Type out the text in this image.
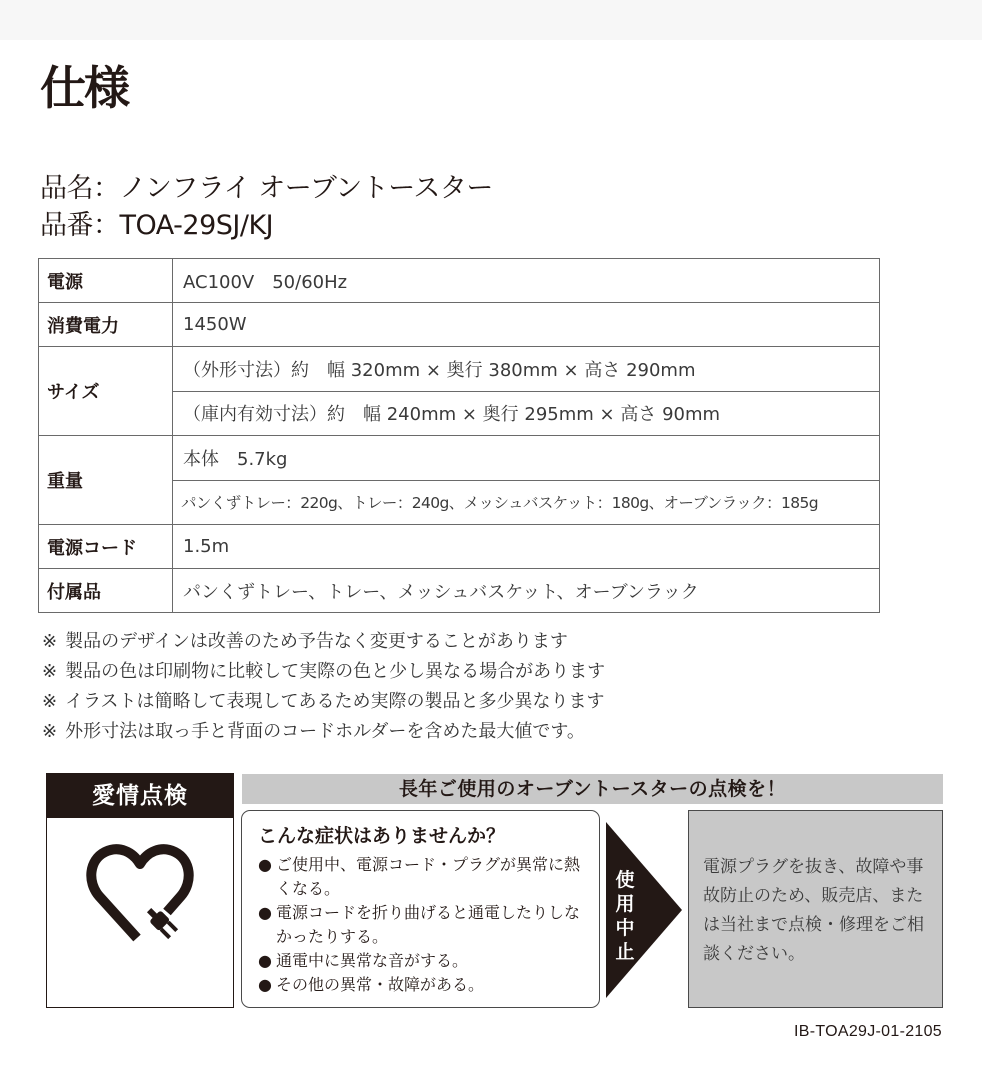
仕様
品名：ノンフライ オーブントースター
品番：TOA-29SJ/KJ
電源	AC100V　50/60Hz
消費電力	1450W
サイズ	（外形寸法）約　幅 320mm × 奥行 380mm × 高さ 290mm
	（庫内有効寸法）約　幅 240mm × 奥行 295mm × 高さ 90mm
重量	本体　5.7kg
	パンくずトレー：220g、トレー：240g、メッシュバスケット：180g、オーブンラック：185g
電源コード	1.5m
付属品	パンくずトレー、トレー、メッシュバスケット、オーブンラック
※ 製品のデザインは改善のため予告なく変更することがあります
※ 製品の色は印刷物に比較して実際の色と少し異なる場合があります
※ イラストは簡略して表現してあるため実際の製品と多少異なります
※ 外形寸法は取っ手と背面のコードホルダーを含めた最大値です。
愛情点検	長年ご使用のオーブントースターの点検を！
こんな症状はありませんか？
● ご使用中、電源コード・プラグが異常に熱くなる。
● 電源コードを折り曲げると通電したりしなかったりする。
● 通電中に異常な音がする。
● その他の異常・故障がある。
使
用
中
止
電源プラグを抜き、故障や事故防止のため、販売店、または当社まで点検・修理をご相談ください。
IB-TOA29J-01-2105
